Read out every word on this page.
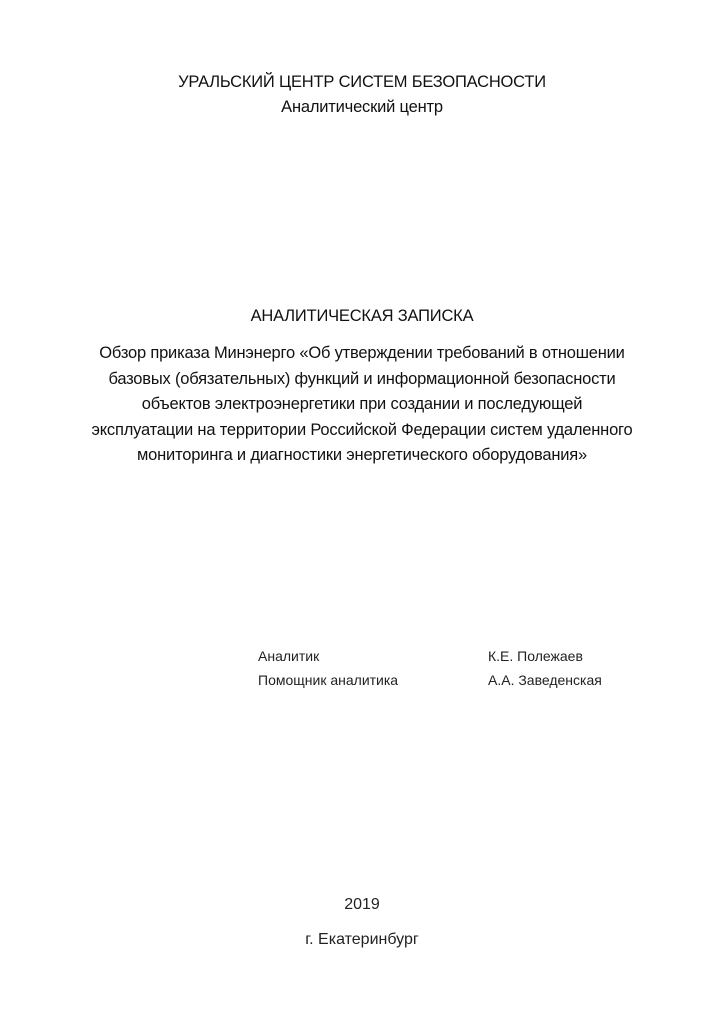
УРАЛЬСКИЙ ЦЕНТР СИСТЕМ БЕЗОПАСНОСТИ
Аналитический центр
АНАЛИТИЧЕСКАЯ ЗАПИСКА
Обзор приказа Минэнерго «Об утверждении требований в отношении базовых (обязательных) функций и информационной безопасности объектов электроэнергетики при создании и последующей эксплуатации на территории Российской Федерации систем удаленного мониторинга и диагностики энергетического оборудования»
Аналитик	К.Е. Полежаев
Помощник аналитика	А.А. Заведенская
2019
г. Екатеринбург
